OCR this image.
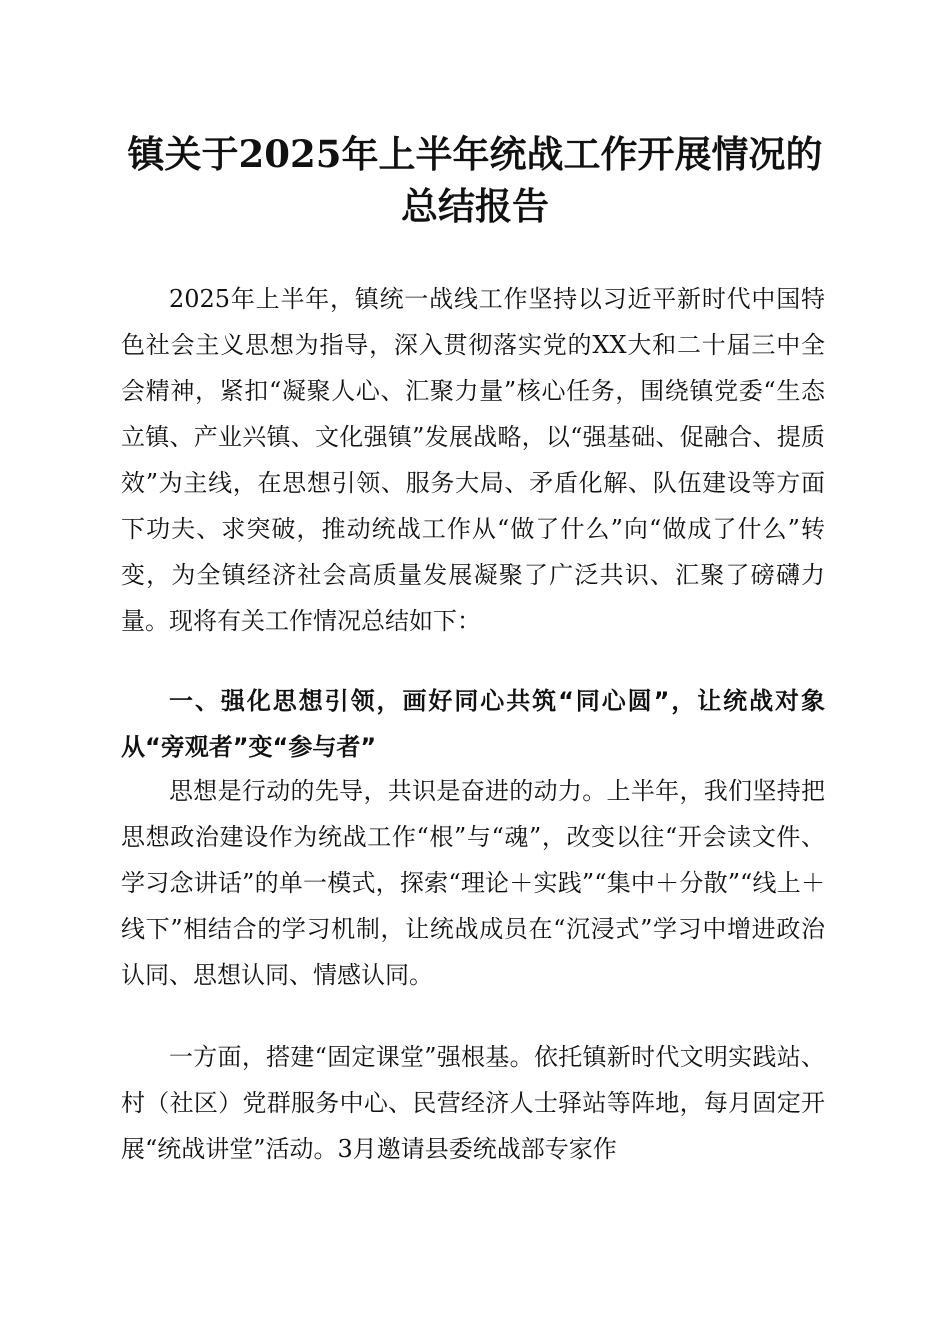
镇关于2025年上半年统战工作开展情况的总结报告

2025年上半年，镇统一战线工作坚持以习近平新时代中国特色社会主义思想为指导，深入贯彻落实党的XX大和二十届三中全会精神，紧扣“凝聚人心、汇聚力量”核心任务，围绕镇党委“生态立镇、产业兴镇、文化强镇”发展战略，以“强基础、促融合、提质效”为主线，在思想引领、服务大局、矛盾化解、队伍建设等方面下功夫、求突破，推动统战工作从“做了什么”向“做成了什么”转变，为全镇经济社会高质量发展凝聚了广泛共识、汇聚了磅礴力量。现将有关工作情况总结如下：

一、强化思想引领，画好同心共筑“同心圆”，让统战对象从“旁观者”变“参与者”

思想是行动的先导，共识是奋进的动力。上半年，我们坚持把思想政治建设作为统战工作“根”与“魂”，改变以往“开会读文件、学习念讲话”的单一模式，探索“理论＋实践”“集中＋分散”“线上＋线下”相结合的学习机制，让统战成员在“沉浸式”学习中增进政治认同、思想认同、情感认同。

一方面，搭建“固定课堂”强根基。依托镇新时代文明实践站、村（社区）党群服务中心、民营经济人士驿站等阵地，每月固定开展“统战讲堂”活动。3月邀请县委统战部专家作
